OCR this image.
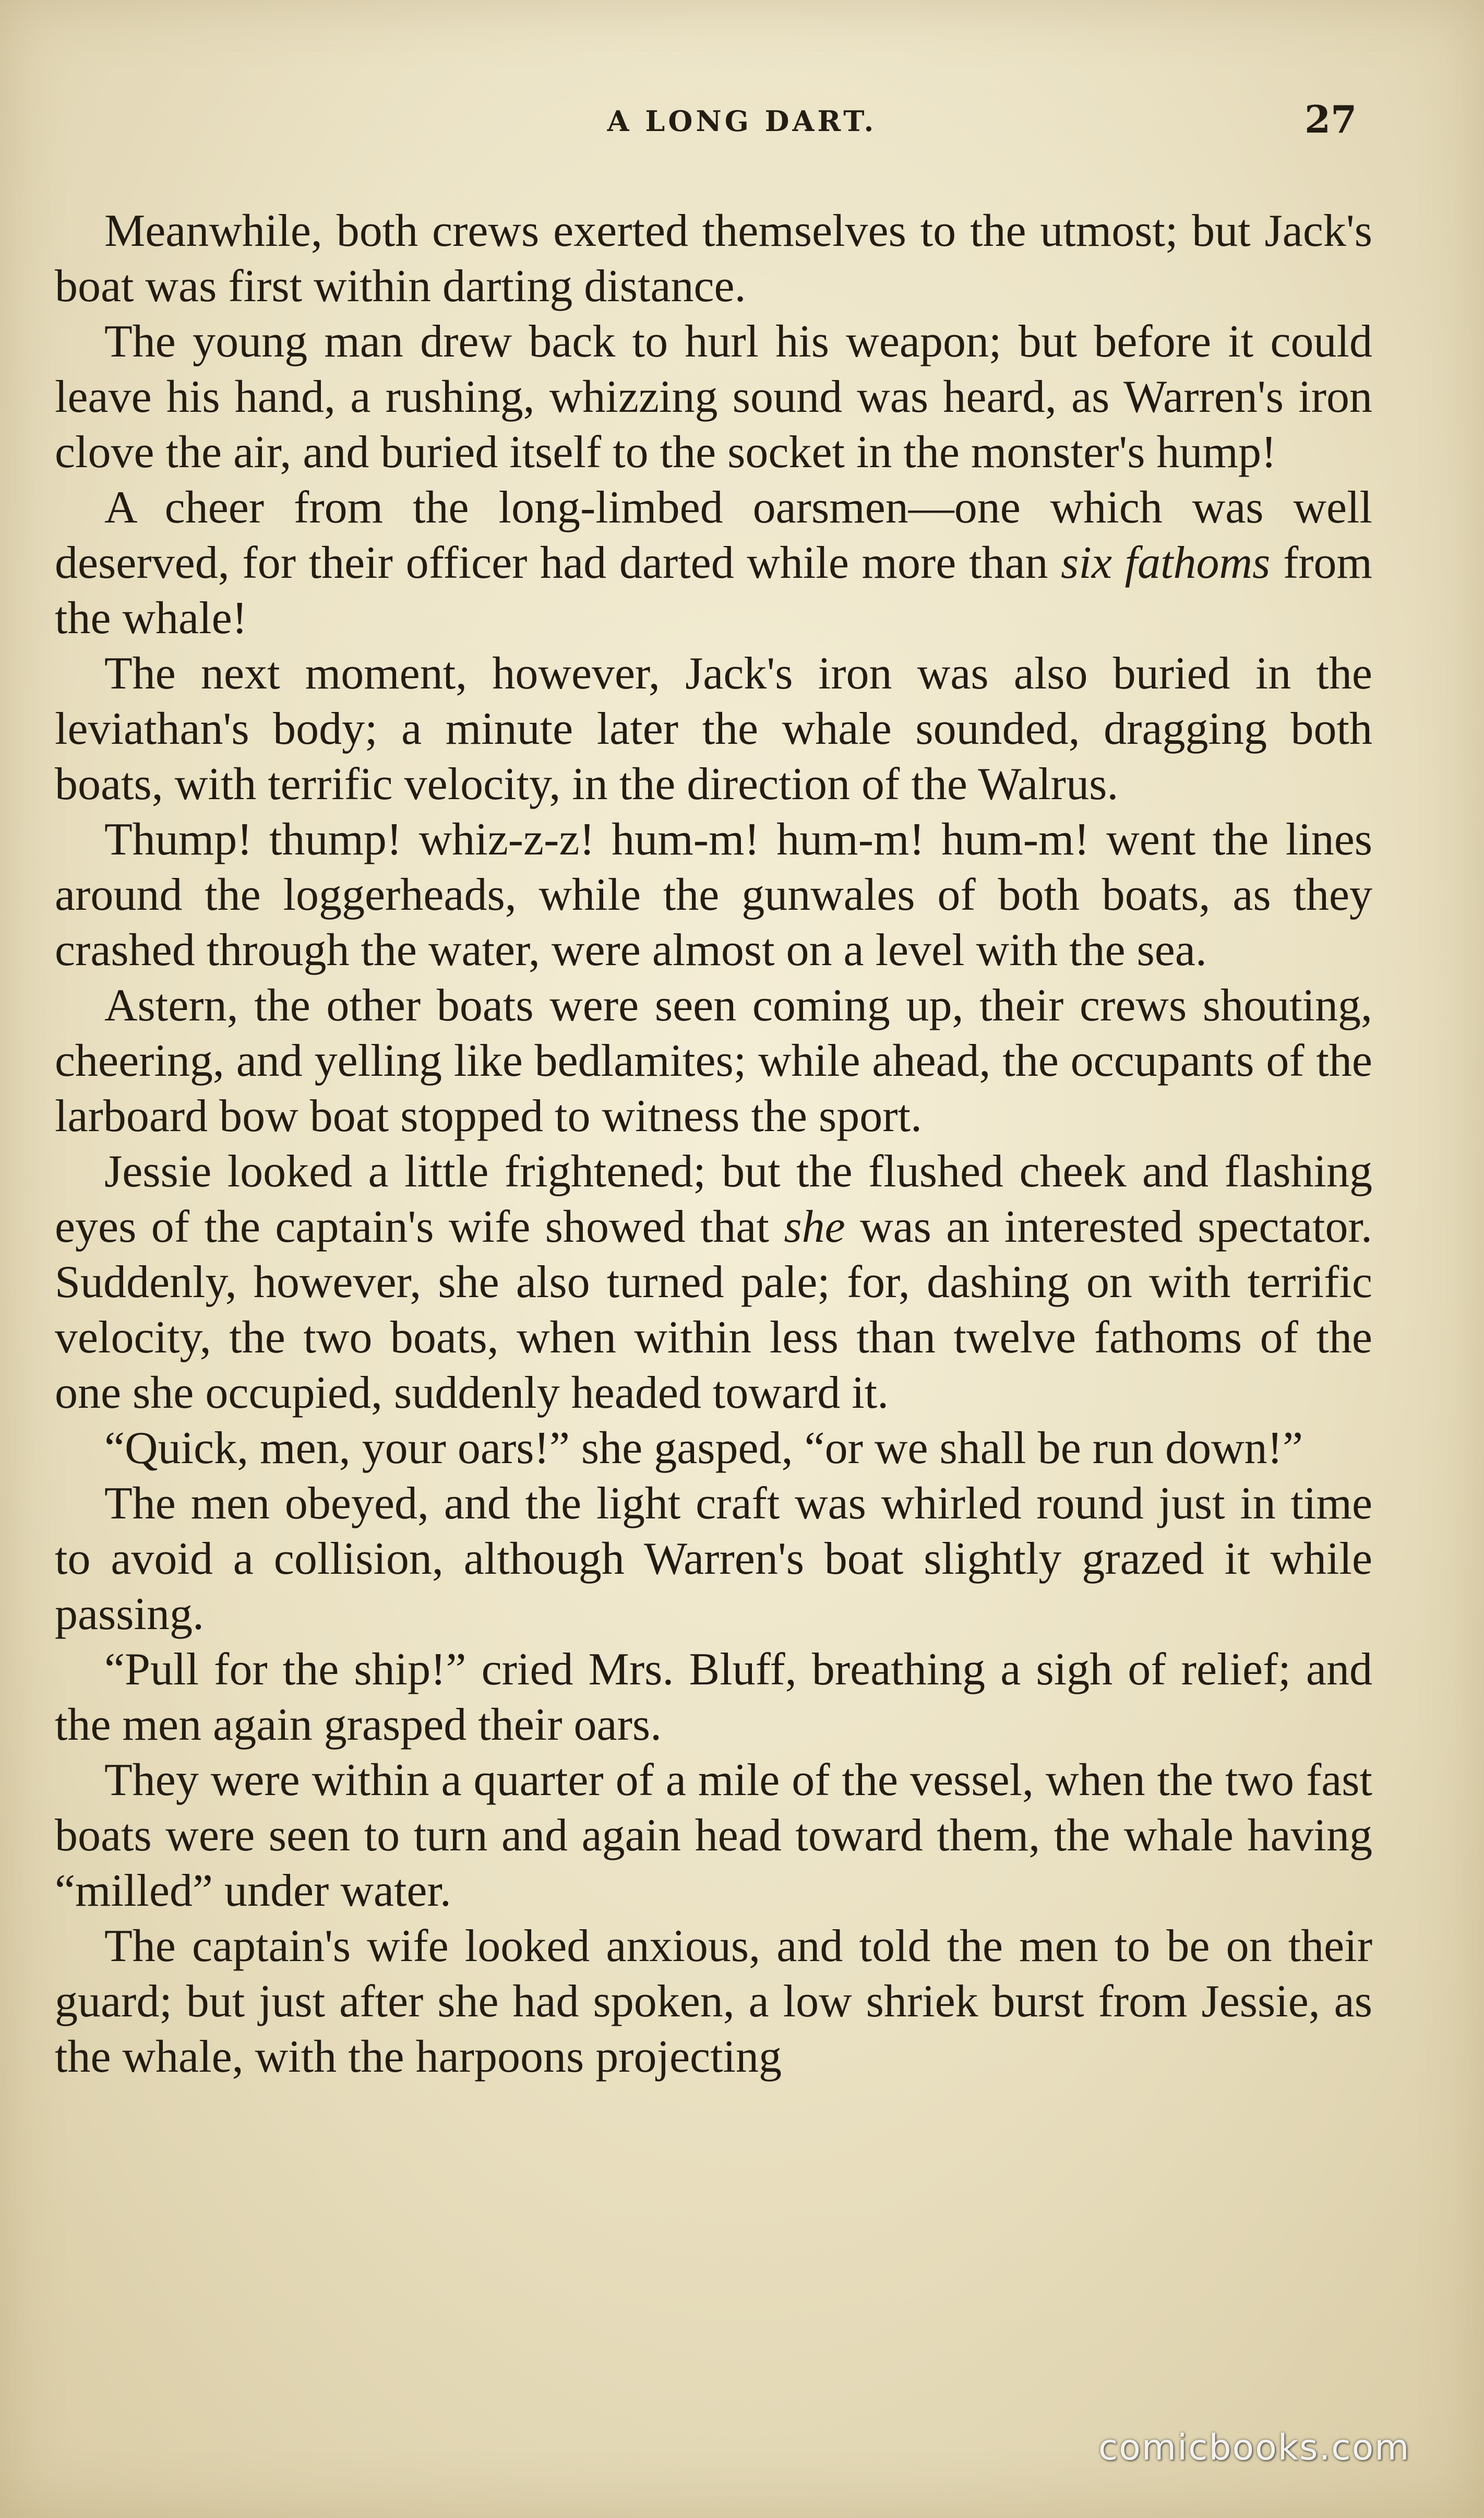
A LONG DART.	27

Meanwhile, both crews exerted themselves to the utmost; but Jack's boat was first within darting distance.

The young man drew back to hurl his weapon; but before it could leave his hand, a rushing, whizzing sound was heard, as Warren's iron clove the air, and buried itself to the socket in the monster's hump!

A cheer from the long-limbed oarsmen—one which was well deserved, for their officer had darted while more than six fathoms from the whale!

The next moment, however, Jack's iron was also buried in the leviathan's body; a minute later the whale sounded, dragging both boats, with terrific velocity, in the direction of the Walrus.

Thump! thump! whiz-z-z! hum-m! hum-m! hum-m! went the lines around the loggerheads, while the gunwales of both boats, as they crashed through the water, were almost on a level with the sea.

Astern, the other boats were seen coming up, their crews shouting, cheering, and yelling like bedlamites; while ahead, the occupants of the larboard bow boat stopped to witness the sport.

Jessie looked a little frightened; but the flushed cheek and flashing eyes of the captain's wife showed that she was an interested spectator. Suddenly, however, she also turned pale; for, dashing on with terrific velocity, the two boats, when within less than twelve fathoms of the one she occupied, suddenly headed toward it.

“Quick, men, your oars!” she gasped, “or we shall be run down!”

The men obeyed, and the light craft was whirled round just in time to avoid a collision, although Warren's boat slightly grazed it while passing.

“Pull for the ship!” cried Mrs. Bluff, breathing a sigh of relief; and the men again grasped their oars.

They were within a quarter of a mile of the vessel, when the two fast boats were seen to turn and again head toward them, the whale having “milled” under water.

The captain's wife looked anxious, and told the men to be on their guard; but just after she had spoken, a low shriek burst from Jessie, as the whale, with the harpoons projecting

comicbooks.com
